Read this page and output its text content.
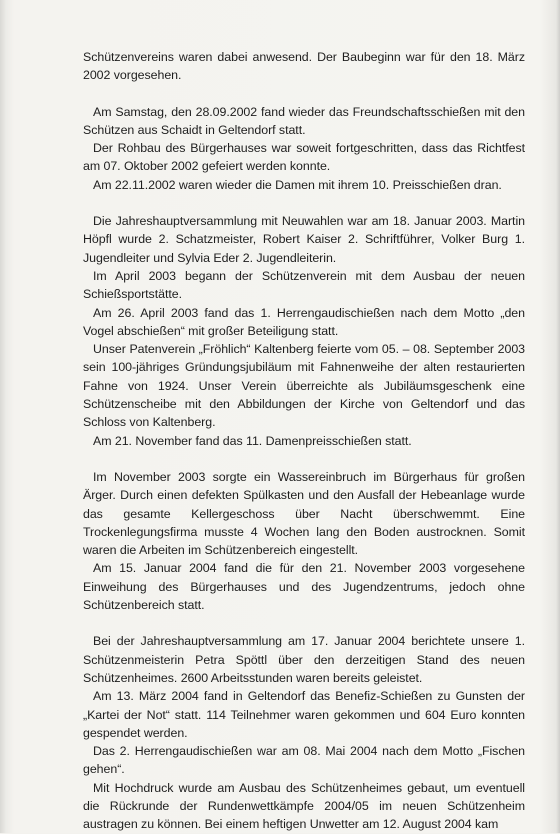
Schützenvereins waren dabei anwesend. Der Baubeginn war für den 18. März 2002 vorgesehen.

Am Samstag, den 28.09.2002 fand wieder das Freundschaftsschießen mit den Schützen aus Schaidt in Geltendorf statt.

Der Rohbau des Bürgerhauses war soweit fortgeschritten, dass das Richtfest am 07. Oktober 2002 gefeiert werden konnte.

Am 22.11.2002 waren wieder die Damen mit ihrem 10. Preisschießen dran.

Die Jahreshauptversammlung mit Neuwahlen war am 18. Januar 2003. Martin Höpfl wurde 2. Schatzmeister, Robert Kaiser 2. Schriftführer, Volker Burg 1. Jugendleiter und Sylvia Eder 2. Jugendleiterin.

Im April 2003 begann der Schützenverein mit dem Ausbau der neuen Schießsportstätte.

Am 26. April 2003 fand das 1. Herrengaudischießen nach dem Motto „den Vogel abschießen“ mit großer Beteiligung statt.

Unser Patenverein „Fröhlich“ Kaltenberg feierte vom 05. – 08. September 2003 sein 100-jähriges Gründungsjubiläum mit Fahnenweihe der alten restaurierten Fahne von 1924. Unser Verein überreichte als Jubiläumsgeschenk eine Schützenscheibe mit den Abbildungen der Kirche von Geltendorf und das Schloss von Kaltenberg.

Am 21. November fand das 11. Damenpreisschießen statt.

Im November 2003 sorgte ein Wassereinbruch im Bürgerhaus für großen Ärger. Durch einen defekten Spülkasten und den Ausfall der Hebeanlage wurde das gesamte Kellergeschoss über Nacht überschwemmt. Eine Trockenlegungsfirma musste 4 Wochen lang den Boden austrocknen. Somit waren die Arbeiten im Schützenbereich eingestellt.

Am 15. Januar 2004 fand die für den 21. November 2003 vorgesehene Einweihung des Bürgerhauses und des Jugendzentrums, jedoch ohne Schützenbereich statt.

Bei der Jahreshauptversammlung am 17. Januar 2004 berichtete unsere 1. Schützenmeisterin Petra Spöttl über den derzeitigen Stand des neuen Schützenheimes. 2600 Arbeitsstunden waren bereits geleistet.

Am 13. März 2004 fand in Geltendorf das Benefiz-Schießen zu Gunsten der „Kartei der Not“ statt. 114 Teilnehmer waren gekommen und 604 Euro konnten gespendet werden.

Das 2. Herrengaudischießen war am 08. Mai 2004 nach dem Motto „Fischen gehen“.

Mit Hochdruck wurde am Ausbau des Schützenheimes gebaut, um eventuell die Rückrunde der Rundenwettkämpfe 2004/05 im neuen Schützenheim austragen zu können. Bei einem heftigen Unwetter am 12. August 2004 kam
